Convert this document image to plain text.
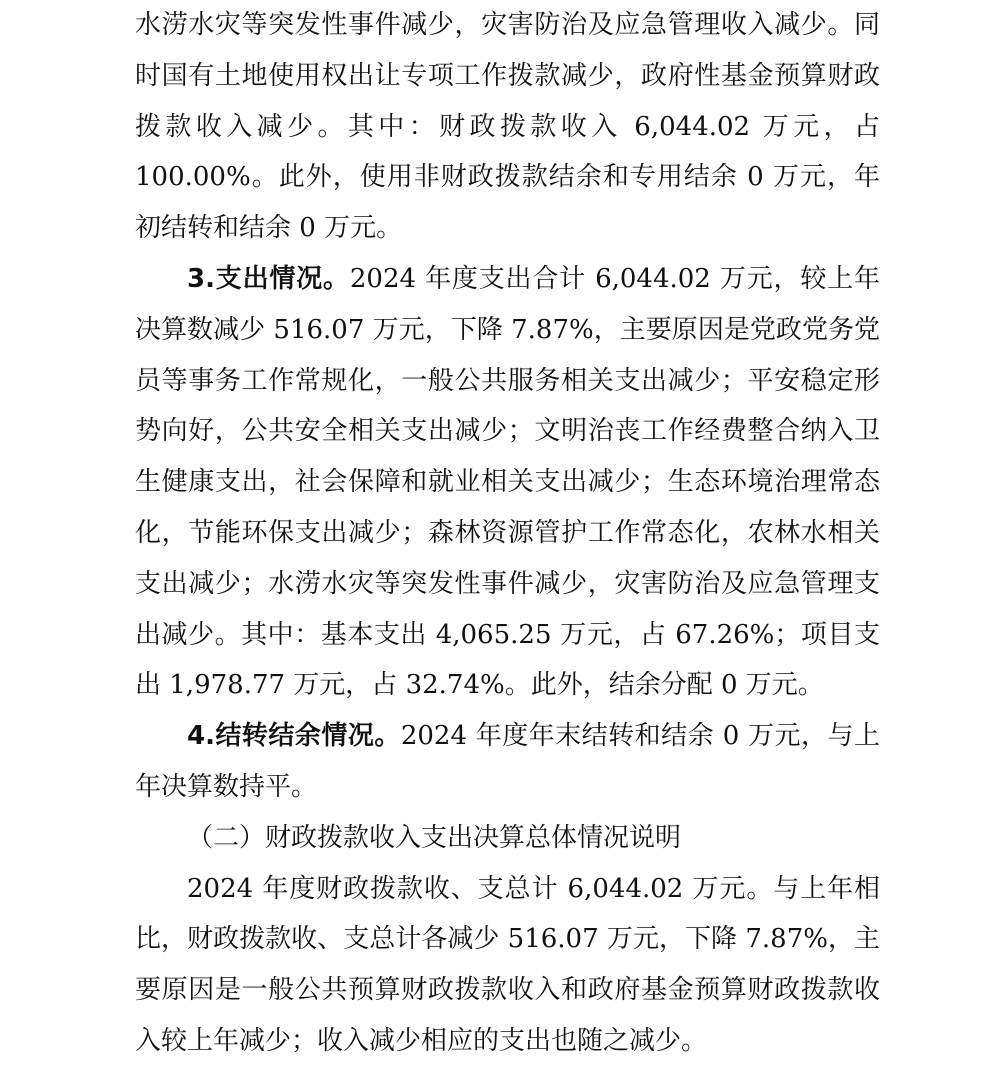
水涝水灾等突发性事件减少，灾害防治及应急管理收入减少。同时国有土地使用权出让专项工作拨款减少，政府性基金预算财政拨款收入减少。其中：财政拨款收入 6,044.02 万元，占 100.00%。此外，使用非财政拨款结余和专用结余 0 万元，年初结转和结余 0 万元。

3.支出情况。2024 年度支出合计 6,044.02 万元，较上年决算数减少 516.07 万元，下降 7.87%，主要原因是党政党务党员等事务工作常规化，一般公共服务相关支出减少；平安稳定形势向好，公共安全相关支出减少；文明治丧工作经费整合纳入卫生健康支出，社会保障和就业相关支出减少；生态环境治理常态化，节能环保支出减少；森林资源管护工作常态化，农林水相关支出减少；水涝水灾等突发性事件减少，灾害防治及应急管理支出减少。其中：基本支出 4,065.25 万元，占 67.26%；项目支出 1,978.77 万元，占 32.74%。此外，结余分配 0 万元。

4.结转结余情况。2024 年度年末结转和结余 0 万元，与上年决算数持平。

（二）财政拨款收入支出决算总体情况说明

2024 年度财政拨款收、支总计 6,044.02 万元。与上年相比，财政拨款收、支总计各减少 516.07 万元，下降 7.87%，主要原因是一般公共预算财政拨款收入和政府基金预算财政拨款收入较上年减少；收入减少相应的支出也随之减少。
